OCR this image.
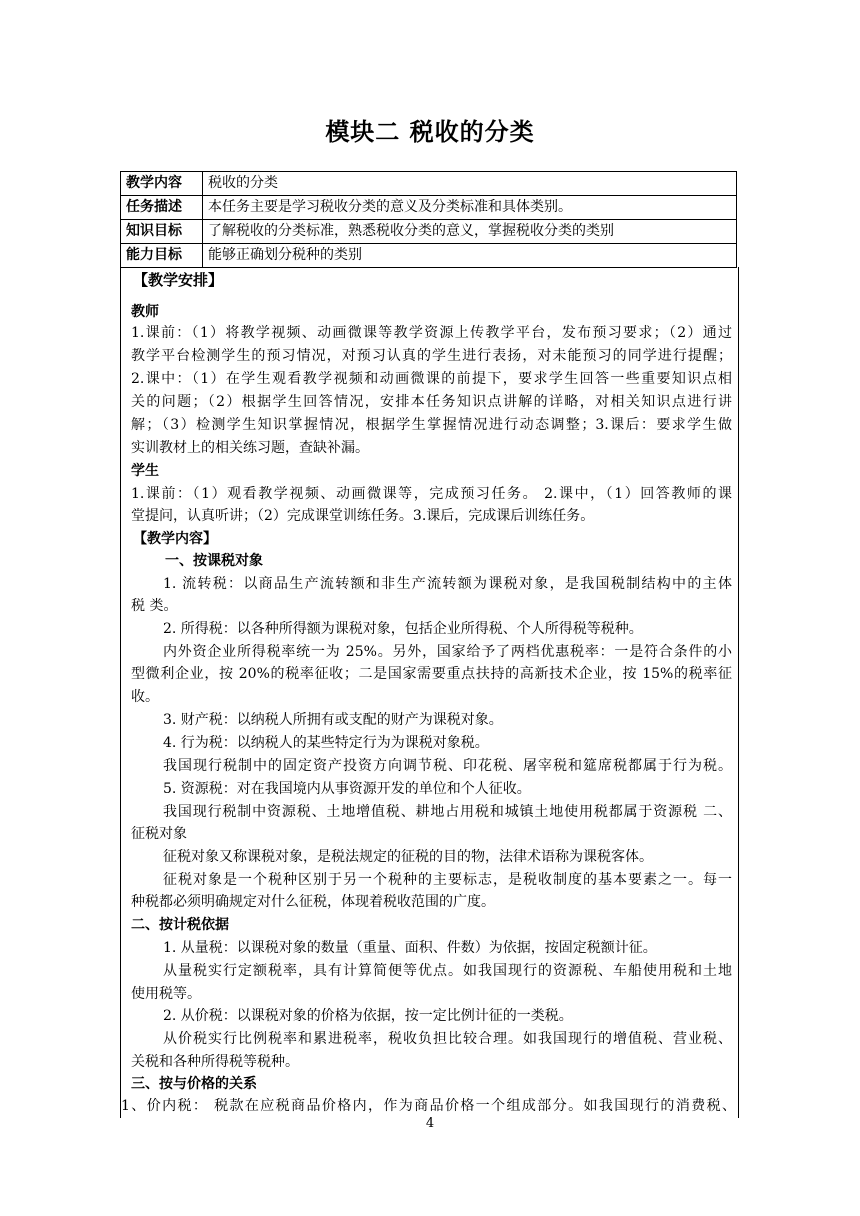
模块二 税收的分类
教学内容	税收的分类
任务描述	本任务主要是学习税收分类的意义及分类标准和具体类别。
知识目标	了解税收的分类标准，熟悉税收分类的意义，掌握税收分类的类别
能力目标	能够正确划分税种的类别
【教学安排】
教师
1.课前：（1）将教学视频、动画微课等教学资源上传教学平台，发布预习要求；（2）通过
教学平台检测学生的预习情况，对预习认真的学生进行表扬，对未能预习的同学进行提醒；
2.课中：（1）在学生观看教学视频和动画微课的前提下，要求学生回答一些重要知识点相
关的问题；（2）根据学生回答情况，安排本任务知识点讲解的详略，对相关知识点进行讲
解；（3）检测学生知识掌握情况，根据学生掌握情况进行动态调整；3.课后：要求学生做
实训教材上的相关练习题，查缺补漏。
学生
1.课前：（1）观看教学视频、动画微课等，完成预习任务。 2.课中，（1）回答教师的课
堂提问，认真听讲；（2）完成课堂训练任务。3.课后，完成课后训练任务。
【教学内容】
一、按课税对象
1. 流转税：以商品生产流转额和非生产流转额为课税对象，是我国税制结构中的主体
税 类。
2. 所得税：以各种所得额为课税对象，包括企业所得税、个人所得税等税种。
内外资企业所得税率统一为 25%。另外，国家给予了两档优惠税率：一是符合条件的小
型微利企业，按 20%的税率征收；二是国家需要重点扶持的高新技术企业，按 15%的税率征
收。
3. 财产税：以纳税人所拥有或支配的财产为课税对象。
4. 行为税：以纳税人的某些特定行为为课税对象税。
我国现行税制中的固定资产投资方向调节税、印花税、屠宰税和筵席税都属于行为税。
5. 资源税：对在我国境内从事资源开发的单位和个人征收。
我国现行税制中资源税、土地增值税、耕地占用税和城镇土地使用税都属于资源税 二、
征税对象
征税对象又称课税对象，是税法规定的征税的目的物，法律术语称为课税客体。
征税对象是一个税种区别于另一个税种的主要标志，是税收制度的基本要素之一。每一
种税都必须明确规定对什么征税，体现着税收范围的广度。
二、按计税依据
1. 从量税：以课税对象的数量（重量、面积、件数）为依据，按固定税额计征。
从量税实行定额税率，具有计算简便等优点。如我国现行的资源税、车船使用税和土地
使用税等。
2. 从价税：以课税对象的价格为依据，按一定比例计征的一类税。
从价税实行比例税率和累进税率，税收负担比较合理。如我国现行的增值税、营业税、
关税和各种所得税等税种。
三、按与价格的关系
1、价内税： 税款在应税商品价格内，作为商品价格一个组成部分。如我国现行的消费税、
4
